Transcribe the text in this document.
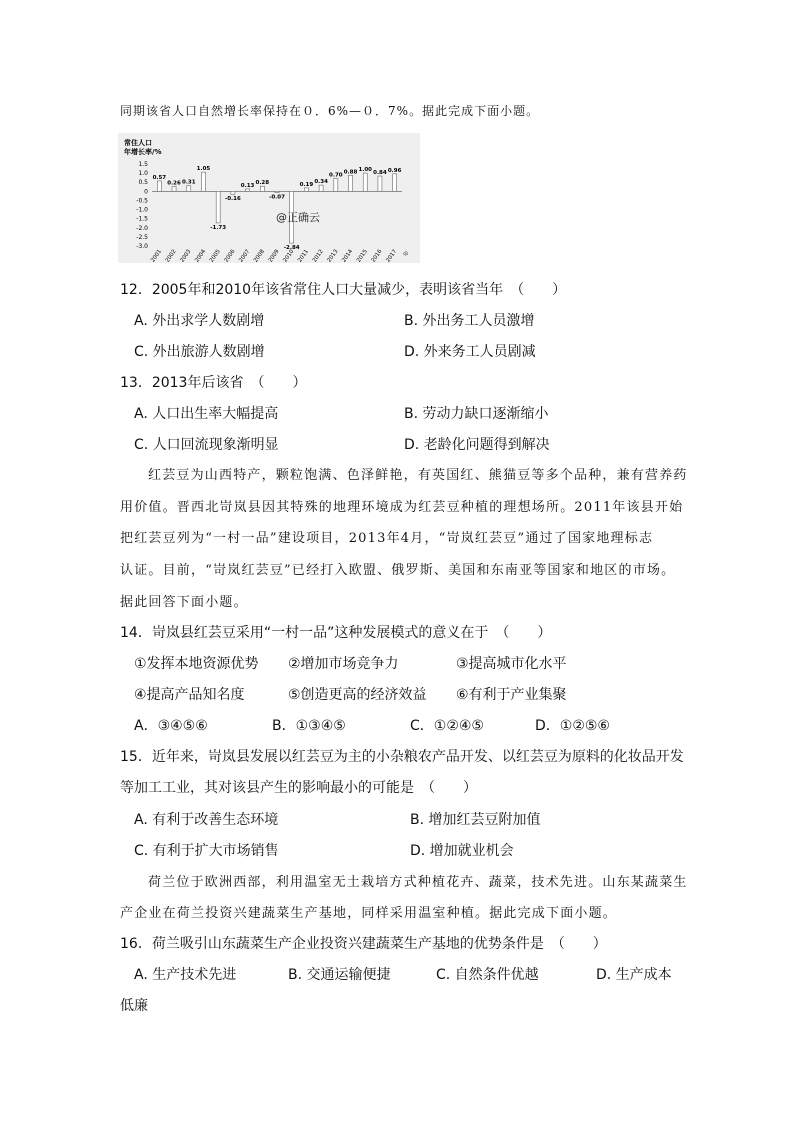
同期该省人口自然增长率保持在０．6%—０．7%。据此完成下面小题。
常住人口
年增长率/%
1.5
1.0
0.5
0
-0.5
-1.0
-1.5
-2.0
-2.5
-3.0
0.57
0.26 0.31
1.05
-1.73
-0.16
0.13 0.28
-0.07
-2.84
0.19 0.34
0.70
0.88 1.00 0.84 0.96
2001 2002 2003 2004 2005 2006 2007 2008 2009 2010 2011 2012 2013 2014 2015 2016 2017 年
@正确云
12．2005年和2010年该省常住人口大量减少，表明该省当年　（　　）
A. 外出求学人数剧增	B. 外出务工人员激增
C. 外出旅游人数剧增	D. 外来务工人员剧减
13．2013年后该省　（　　）
A. 人口出生率大幅提高	B. 劳动力缺口逐渐缩小
C. 人口回流现象渐明显	D. 老龄化问题得到解决
红芸豆为山西特产，颗粒饱满、色泽鲜艳，有英国红、熊猫豆等多个品种，兼有营养药
用价值。晋西北岢岚县因其特殊的地理环境成为红芸豆种植的理想场所。2011年该县开始
把红芸豆列为“一村一品”建设项目，2013年4月，“岢岚红芸豆”通过了国家地理标志
认证。目前，“岢岚红芸豆”已经打入欧盟、俄罗斯、美国和东南亚等国家和地区的市场。
据此回答下面小题。
14．岢岚县红芸豆采用“一村一品”这种发展模式的意义在于　（　　）
①发挥本地资源优势 ②增加市场竞争力	③提高城市化水平
④提高产品知名度	⑤创造更高的经济效益 ⑥有利于产业集聚
A．③④⑤⑥	B．①③④⑤	C．①②④⑤	D．①②⑤⑥
15．近年来，岢岚县发展以红芸豆为主的小杂粮农产品开发、以红芸豆为原料的化妆品开发
等加工工业，其对该县产生的影响最小的可能是　（　　）
A. 有利于改善生态环境	B. 增加红芸豆附加值
C. 有利于扩大市场销售	D. 增加就业机会
荷兰位于欧洲西部，利用温室无土栽培方式种植花卉、蔬菜，技术先进。山东某蔬菜生
产企业在荷兰投资兴建蔬菜生产基地，同样采用温室种植。据此完成下面小题。
16．荷兰吸引山东蔬菜生产企业投资兴建蔬菜生产基地的优势条件是　（　　）
A. 生产技术先进	B. 交通运输便捷	C. 自然条件优越	D. 生产成本
低廉
